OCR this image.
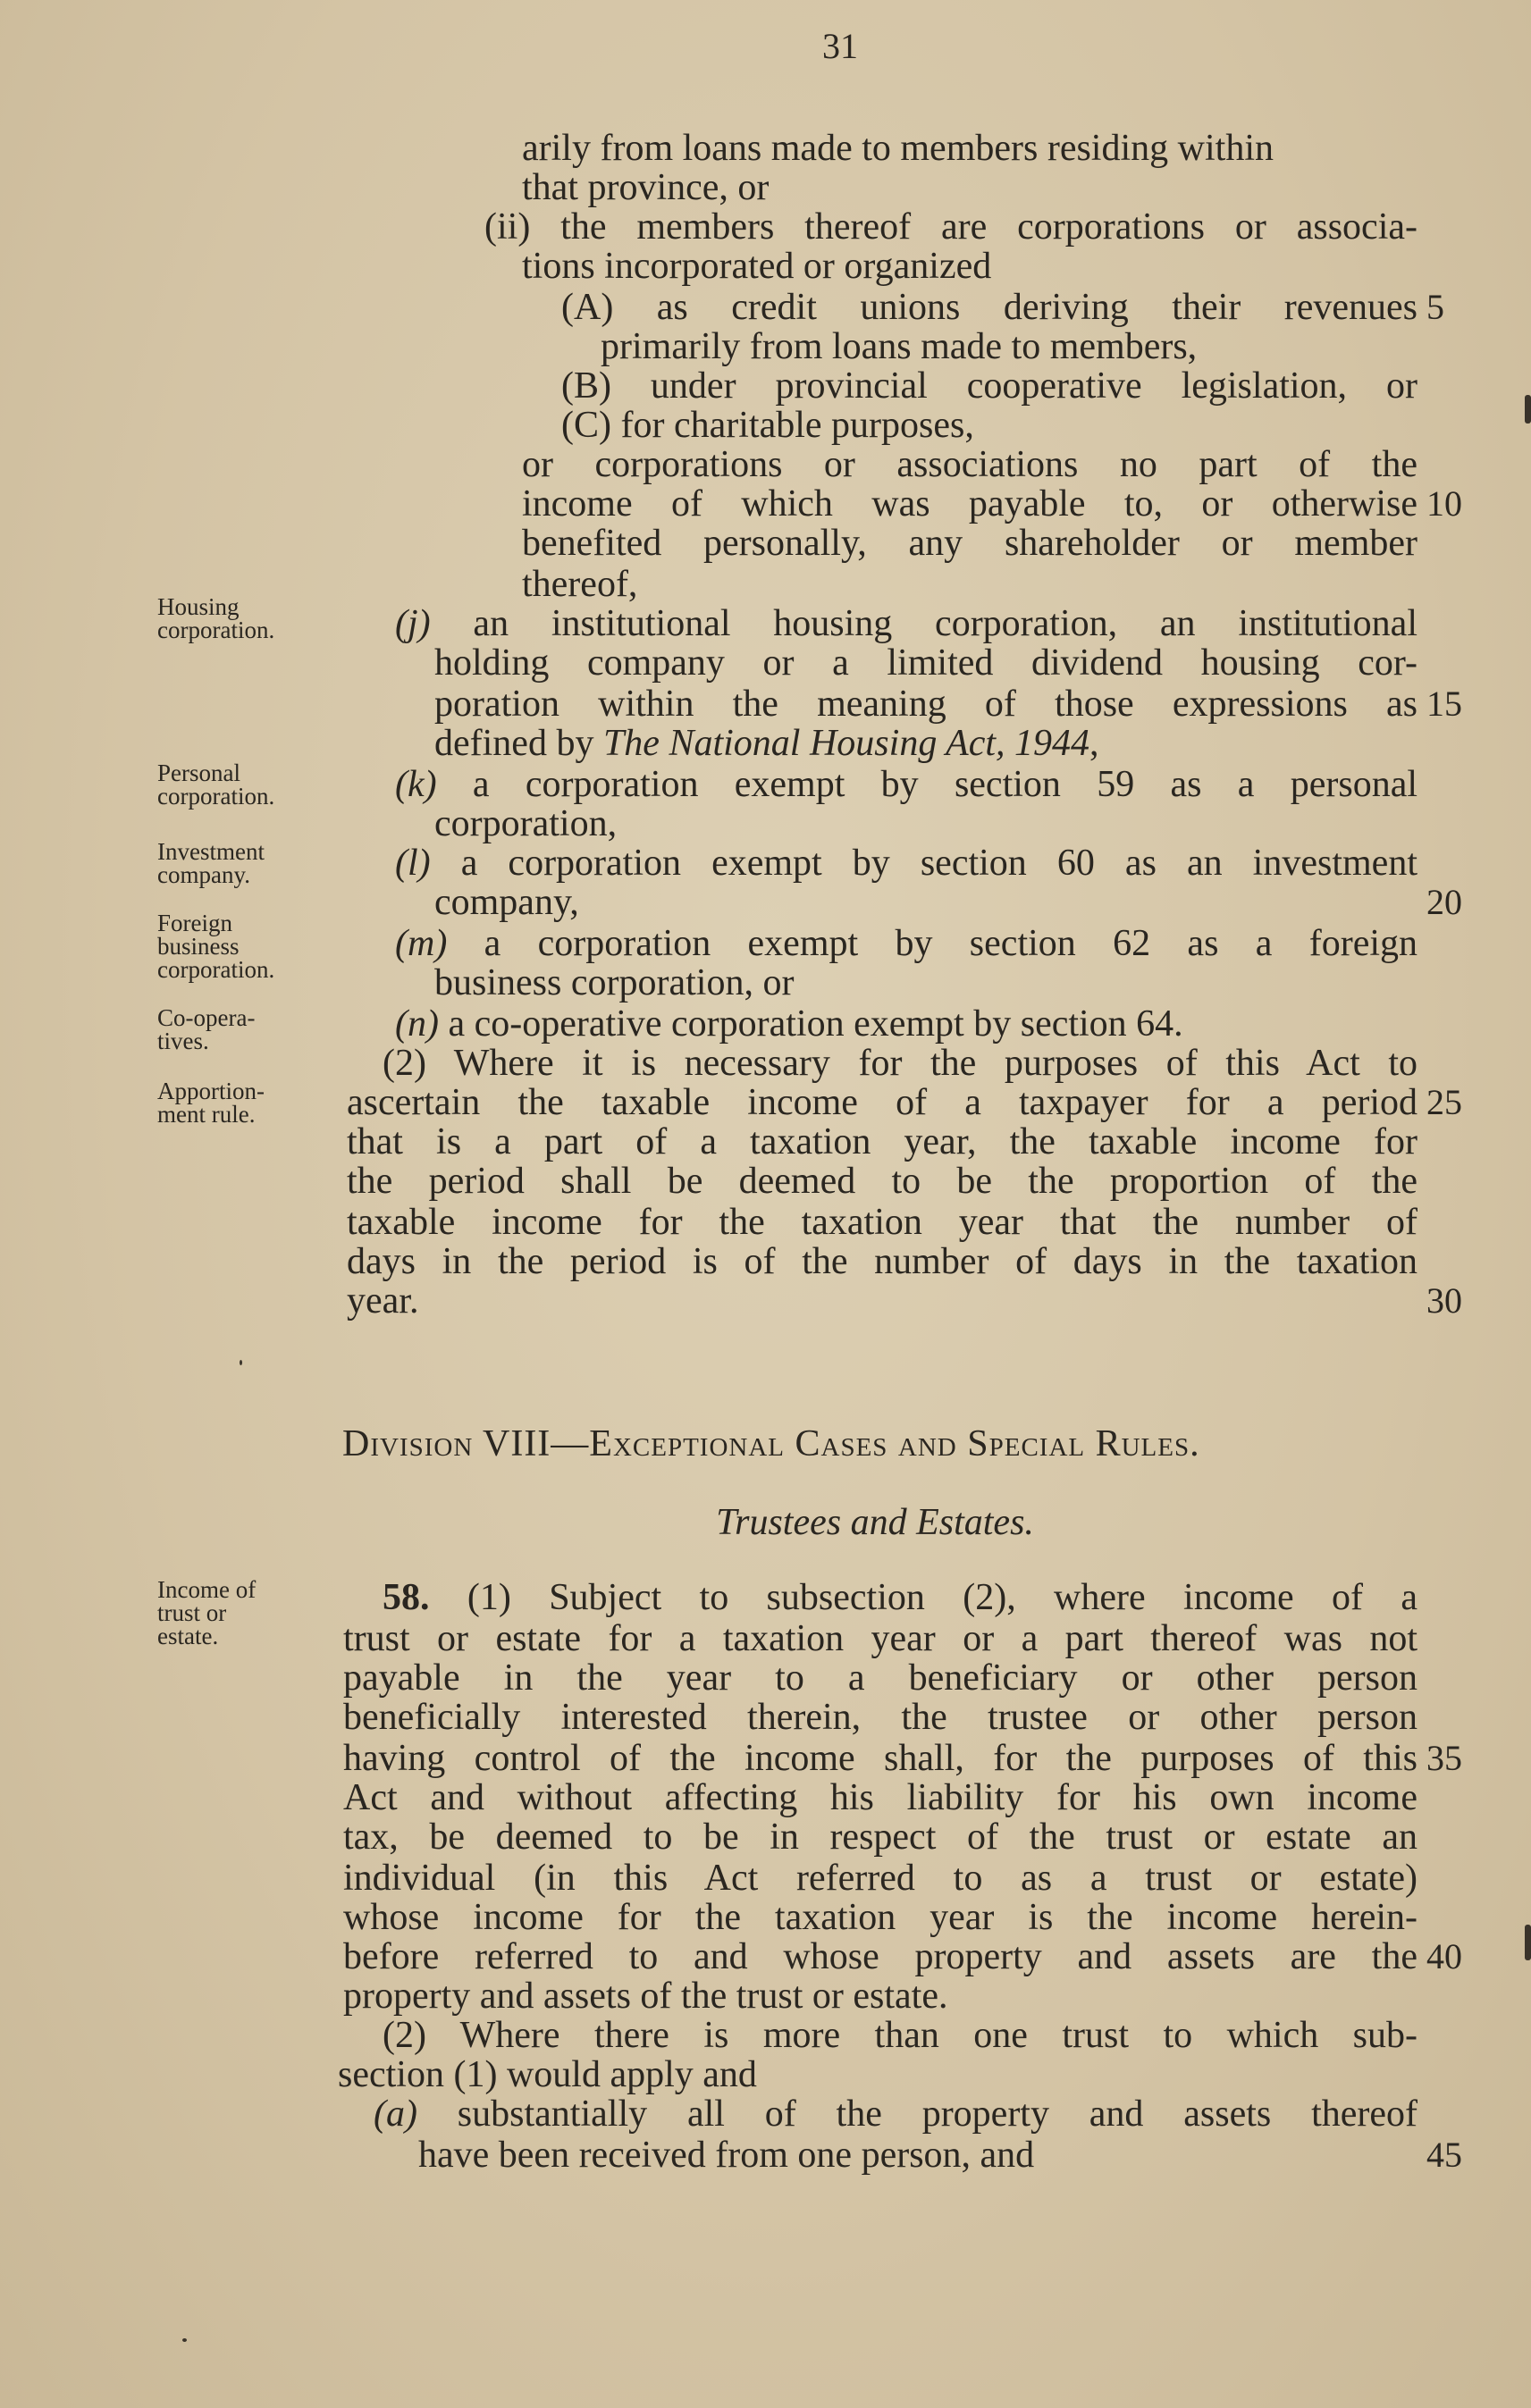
31
arily from loans made to members residing within
that province, or
(ii) the members thereof are corporations or associa-
tions incorporated or organized
(A) as credit unions deriving their revenues 5
primarily from loans made to members,
(B) under provincial cooperative legislation, or
(C) for charitable purposes,
or corporations or associations no part of the
income of which was payable to, or otherwise 10
benefited personally, any shareholder or member
thereof,
(j) an institutional housing corporation, an institutional
holding company or a limited dividend housing cor-
poration within the meaning of those expressions as 15
defined by The National Housing Act, 1944,
(k) a corporation exempt by section 59 as a personal
corporation,
(l) a corporation exempt by section 60 as an investment
company,	20
(m) a corporation exempt by section 62 as a foreign
business corporation, or
(n) a co-operative corporation exempt by section 64.
(2) Where it is necessary for the purposes of this Act to
ascertain the taxable income of a taxpayer for a period 25
that is a part of a taxation year, the taxable income for
the period shall be deemed to be the proportion of the
taxable income for the taxation year that the number of
days in the period is of the number of days in the taxation
year.	30
58. (1) Subject to subsection (2), where income of a
trust or estate for a taxation year or a part thereof was not
payable in the year to a beneficiary or other person
beneficially interested therein, the trustee or other person
having control of the income shall, for the purposes of this 35
Act and without affecting his liability for his own income
tax, be deemed to be in respect of the trust or estate an
individual (in this Act referred to as a trust or estate)
whose income for the taxation year is the income herein-
before referred to and whose property and assets are the 40
property and assets of the trust or estate.
(2) Where there is more than one trust to which sub-
section (1) would apply and
(a) substantially all of the property and assets thereof
have been received from one person, and	45
Housing
corporation.
Personal
corporation.
Investment
company.
Foreign
business
corporation.
Co-opera-
tives.
Apportion-
ment rule.
Income of
trust or
estate.
Division VIII—Exceptional Cases and Special Rules.
Trustees and Estates.
